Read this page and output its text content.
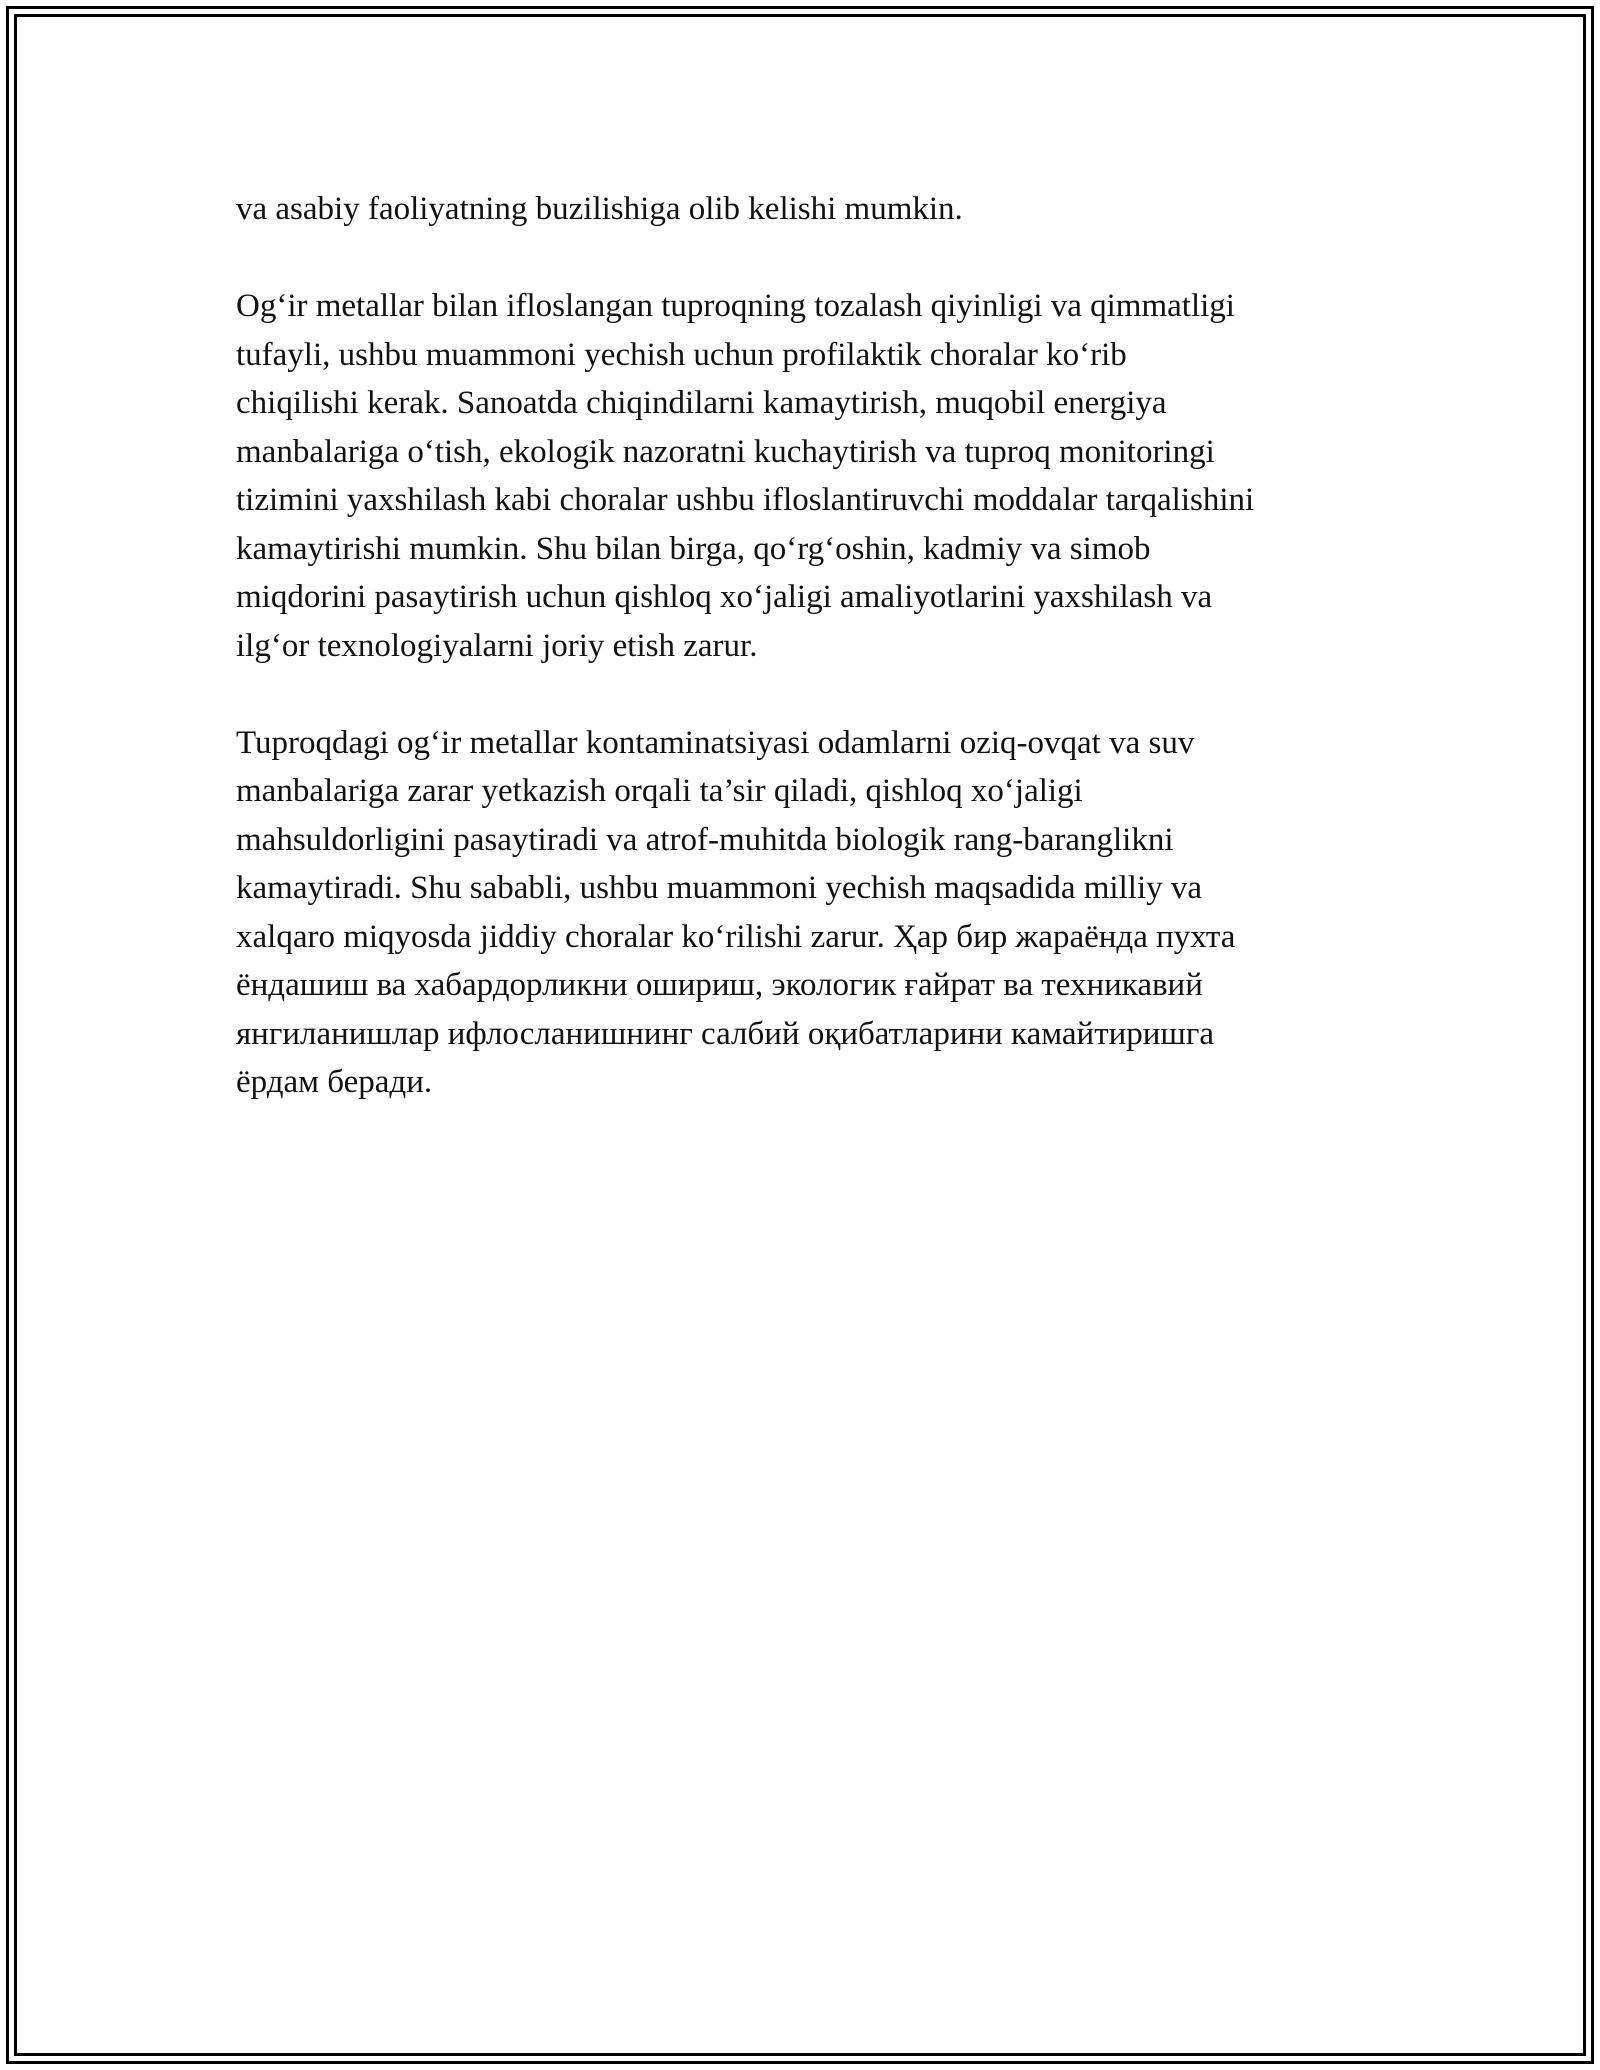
va asabiy faoliyatning buzilishiga olib kelishi mumkin.

Og‘ir metallar bilan ifloslangan tuproqning tozalash qiyinligi va qimmatligi
tufayli, ushbu muammoni yechish uchun profilaktik choralar ko‘rib
chiqilishi kerak. Sanoatda chiqindilarni kamaytirish, muqobil energiya
manbalariga o‘tish, ekologik nazoratni kuchaytirish va tuproq monitoringi
tizimini yaxshilash kabi choralar ushbu ifloslantiruvchi moddalar tarqalishini
kamaytirishi mumkin. Shu bilan birga, qo‘rg‘oshin, kadmiy va simob
miqdorini pasaytirish uchun qishloq xo‘jaligi amaliyotlarini yaxshilash va
ilg‘or texnologiyalarni joriy etish zarur.

Tuproqdagi og‘ir metallar kontaminatsiyasi odamlarni oziq-ovqat va suv
manbalariga zarar yetkazish orqali ta’sir qiladi, qishloq xo‘jaligi
mahsuldorligini pasaytiradi va atrof-muhitda biologik rang-baranglikni
kamaytiradi. Shu sababli, ushbu muammoni yechish maqsadida milliy va
xalqaro miqyosda jiddiy choralar ko‘rilishi zarur. Ҳар бир жараёнда пухта
ёндашиш ва хабардорликни ошириш, экологик ғайрат ва техникавий
янгиланишлар ифлосланишнинг салбий оқибатларини камайтиришга
ёрдам беради.
